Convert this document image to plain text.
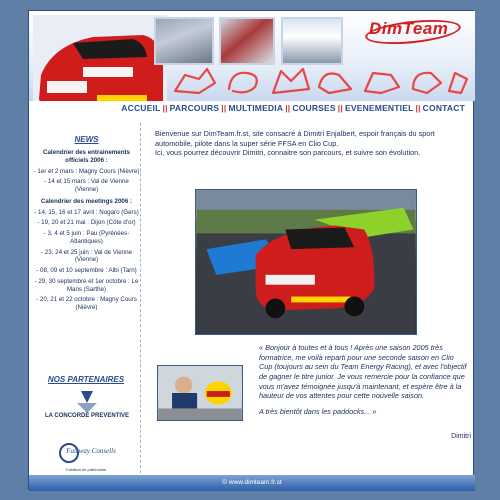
DimTeam
ACCUEIL || PARCOURS || MULTIMEDIA || COURSES || EVENEMENTIEL || CONTACT
NEWS
Calendrier des entrainements officiels 2006 :
- 1er et 2 mars : Magny Cours (Nièvre)
- 14 et 15 mars : Val de Vienne (Vienne)
Calendrier des meetings 2006 :
- 14, 15, 16 et 17 avril : Nogaro (Gers)
- 19, 20 et 21 mai : Dijon (Côte d'or)
- 3, 4 et 5 juin : Pau (Pyrénées-Atlantiques)
- 23, 24 et 25 juin : Val de Vienne (Vienne)
- 08, 09 et 10 septembre : Albi (Tarn)
- 29, 30 septembre et 1er octobre : Le Mans (Sarthe)
- 20, 21 et 22 octobre : Magny Cours (Nièvre)
NOS PARTENAIRES
LA CONCORDE PREVENTIVE
Fairway Consells
Création de patrimoine
Bienvenue sur DimTeam.fr.st, site consacré à Dimitri Enjalbert, espoir français du sport automobile, pilote dans la super série FFSA en Clio Cup.
Ici, vous pourrez découvrir Dimitri, connaitre son parcours, et suivre son évolution.

« Bonjour à toutes et à tous ! Après une saison 2005 très formatrice, me voilà reparti pour une seconde saison en Clio Cup (toujours au sein du Team Energy Racing), et avec l'objectif de gagner le titre junior. Je vous remercie pour la confiance que vous m'avez témoignée jusqu'à maintenant, et espère être à la hauteur de vos attentes pour cette nouvelle saison.

A très bientôt dans les paddocks... »

Dimitri
© www.dimteam.fr.st
